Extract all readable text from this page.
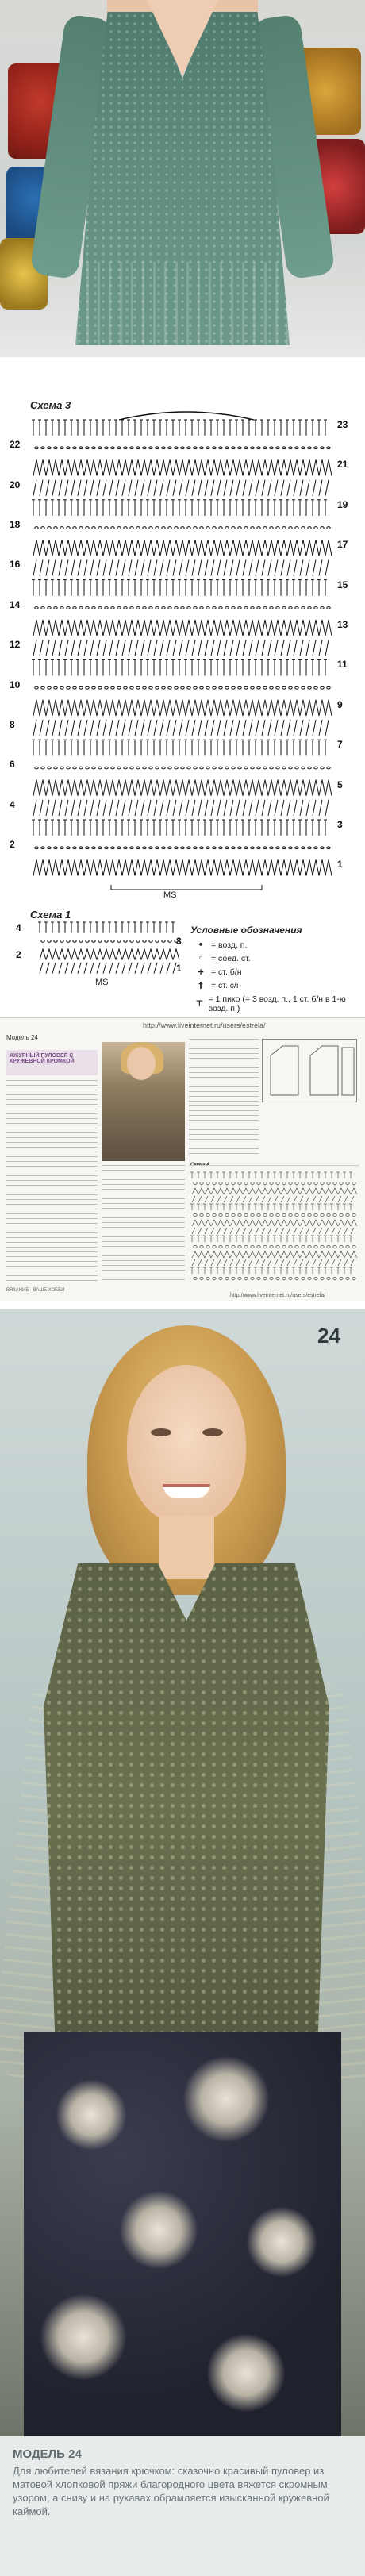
Схема 3
23
22
21
20
19
18
17
16
15
14
13
12
11
10
9
8
7
6
5
4
3
2
1
MS
Схема 1
4
3
2
1
MS
Условные обозначения
• = возд. п.
◦ = соед. ст.
+ = ст. б/н
† = ст. с/н
⊤ = 1 пико (= 3 возд. п., 1 ст. б/н в 1-ю возд. п.)
http://www.liveinternet.ru/users/estrela/
Модель 24
АЖУРНЫЙ ПУЛОВЕР С КРУЖЕВНОЙ КРОМКОЙ
Схема 4
http://www.liveinternet.ru/users/estrela/
ВЯЗАНИЕ - ВАШЕ ХОББИ
24
МОДЕЛЬ 24

Для любителей вязания крючком: сказочно красивый пуловер из матовой хлопковой пряжи благородного цвета вяжется скромным узором, а снизу и на рукавах обрамляется изысканной кружевной каймой.
